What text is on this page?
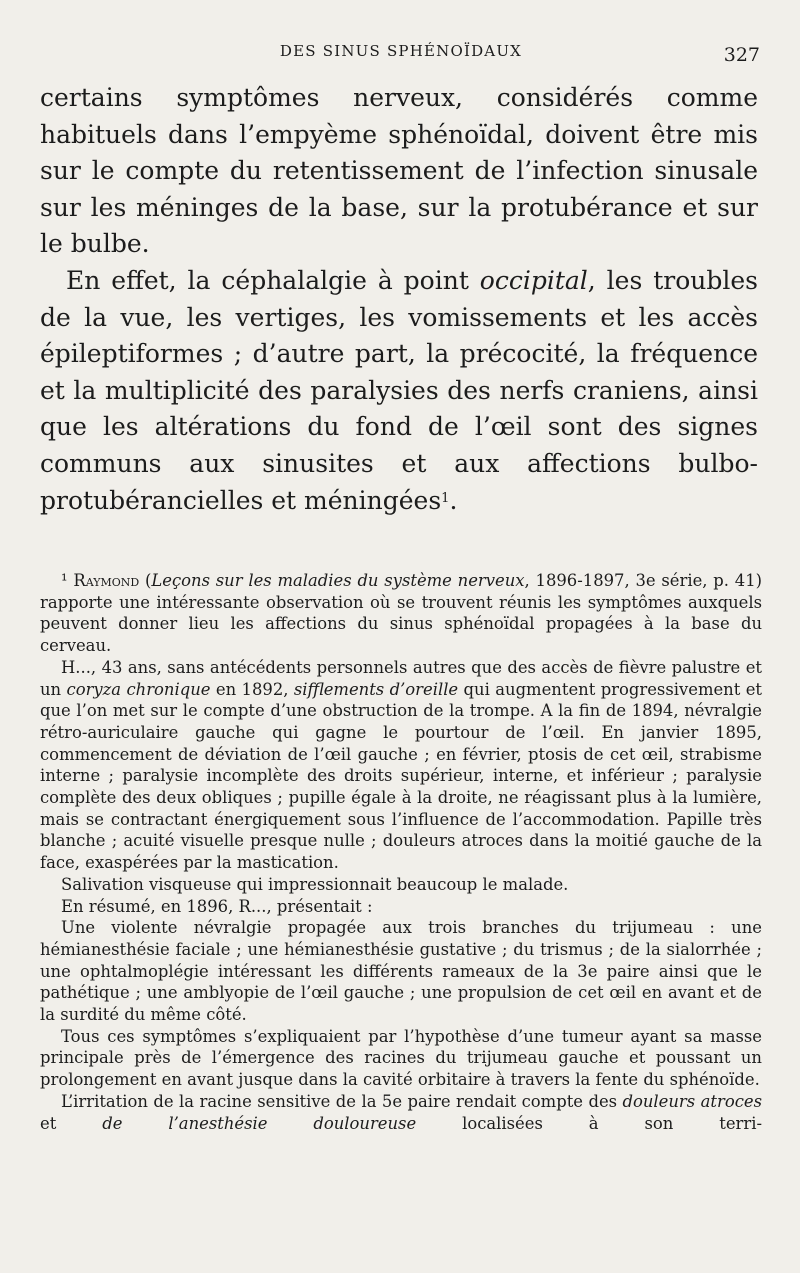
DES SINUS SPHÉNOÏDAUX	327

certains symptômes nerveux, considérés comme habituels dans l’empyème sphénoïdal, doivent être mis sur le compte du retentissement de l’infection sinusale sur les méninges de la base, sur la protubérance et sur le bulbe.

En effet, la céphalalgie à point occipital, les troubles de la vue, les vertiges, les vomissements et les accès épileptiformes ; d’autre part, la précocité, la fréquence et la multiplicité des paralysies des nerfs craniens, ainsi que les altérations du fond de l’œil sont des signes communs aux sinusites et aux affections bulbo-protubérancielles et méningées$^1$.

¹ Raymond (Leçons sur les maladies du système nerveux, 1896-1897, 3e série, p. 41) rapporte une intéressante observation où se trouvent réunis les symptômes auxquels peuvent donner lieu les affections du sinus sphénoïdal propagées à la base du cerveau.

H..., 43 ans, sans antécédents personnels autres que des accès de fièvre palustre et un coryza chronique en 1892, sifflements d’oreille qui augmentent progressivement et que l’on met sur le compte d’une obstruction de la trompe. A la fin de 1894, névralgie rétro-auriculaire gauche qui gagne le pourtour de l’œil. En janvier 1895, commencement de déviation de l’œil gauche ; en février, ptosis de cet œil, strabisme interne ; paralysie incomplète des droits supérieur, interne, et inférieur ; paralysie complète des deux obliques ; pupille égale à la droite, ne réagissant plus à la lumière, mais se contractant énergiquement sous l’influence de l’accommodation. Papille très blanche ; acuité visuelle presque nulle ; douleurs atroces dans la moitié gauche de la face, exaspérées par la mastication.

Salivation visqueuse qui impressionnait beaucoup le malade.

En résumé, en 1896, R..., présentait :

Une violente névralgie propagée aux trois branches du trijumeau : une hémianesthésie faciale ; une hémianesthésie gustative ; du trismus ; de la sialorrhée ; une ophtalmoplégie intéressant les différents rameaux de la 3e paire ainsi que le pathétique ; une amblyopie de l’œil gauche ; une propulsion de cet œil en avant et de la surdité du même côté.

Tous ces symptômes s’expliquaient par l’hypothèse d’une tumeur ayant sa masse principale près de l’émergence des racines du trijumeau gauche et poussant un prolongement en avant jusque dans la cavité orbitaire à travers la fente du sphénoïde.

L’irritation de la racine sensitive de la 5e paire rendait compte des douleurs atroces et de l’anesthésie douloureuse localisées à son terri-
